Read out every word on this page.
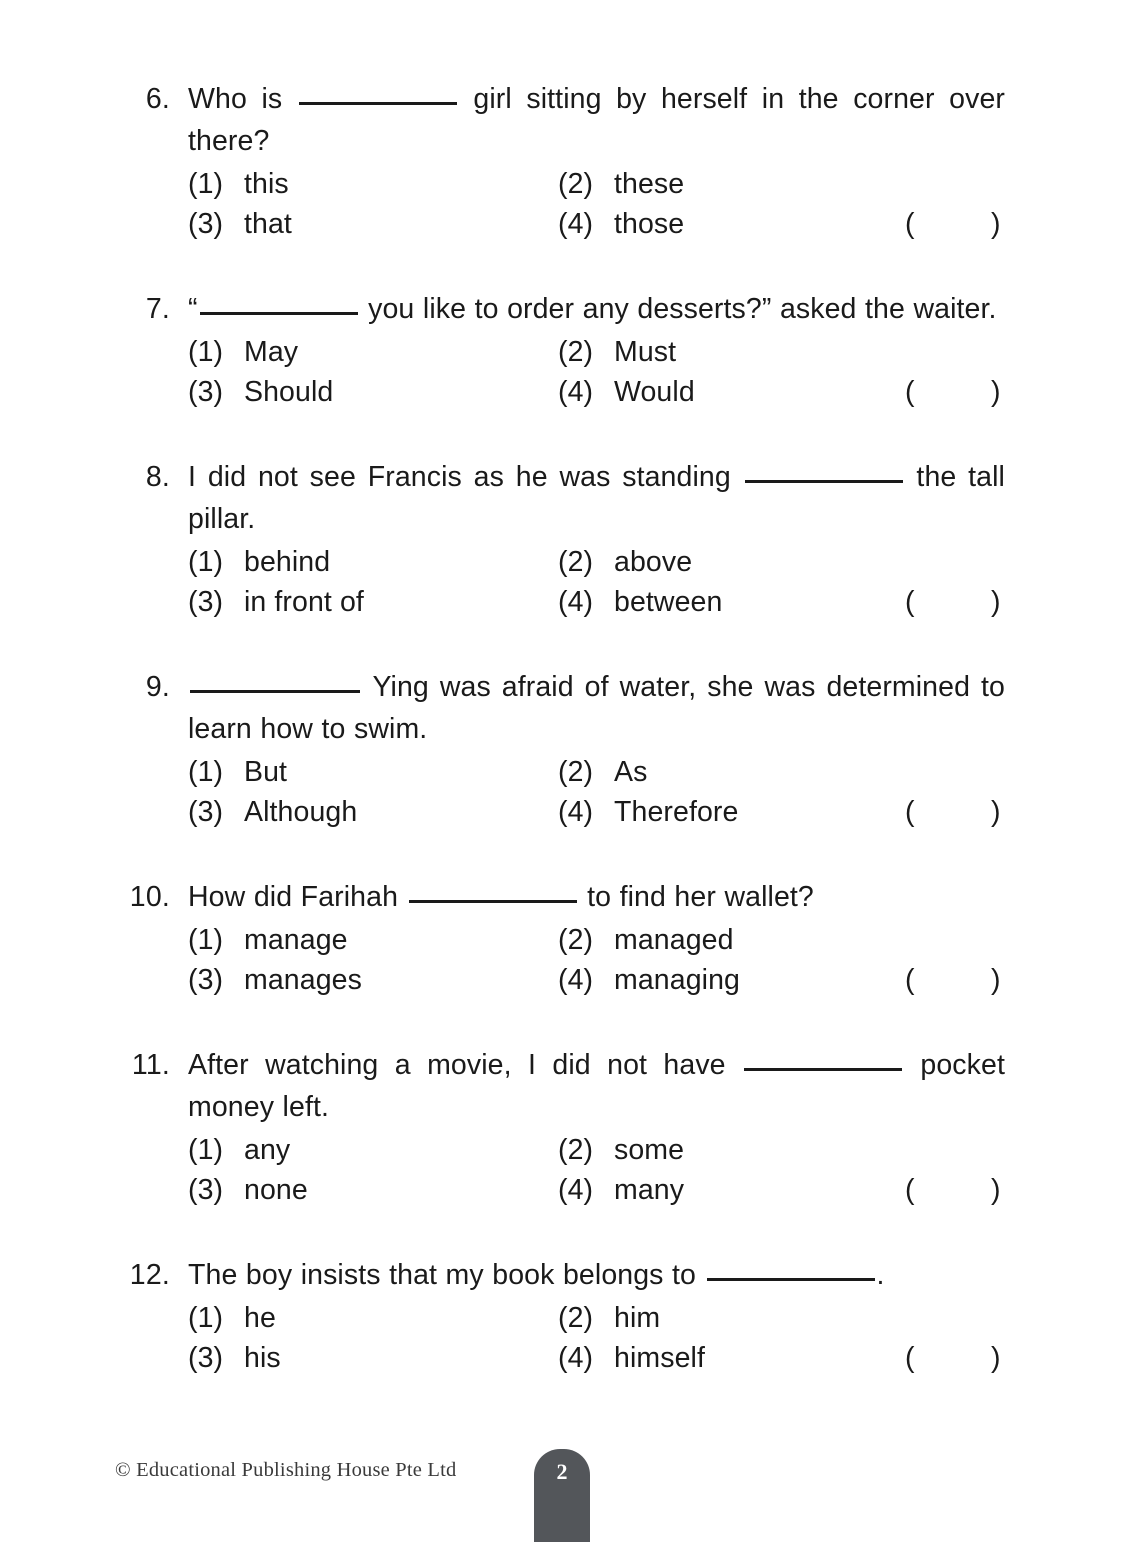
6. Who is	girl sitting by herself in the corner over there?
(1) this	(2) these
(3) that	(4) those	(	)
7. “	you like to order any desserts?” asked the waiter.
(1) May	(2) Must
(3) Should	(4) Would	(	)
8. I did not see Francis as he was standing	the tall pillar.
(1) behind	(2) above
(3) in front of	(4) between	(	)
9.	Ying was afraid of water, she was determined to learn how to swim.
(1) But	(2) As
(3) Although	(4) Therefore	(	)
10. How did Farihah	to find her wallet?
(1) manage	(2) managed
(3) manages	(4) managing	(	)
11. After watching a movie, I did not have	pocket money left.
(1) any	(2) some
(3) none	(4) many	(	)
12. The boy insists that my book belongs to	.
(1) he	(2) him
(3) his	(4) himself	(	)
© Educational Publishing House Pte Ltd	2
